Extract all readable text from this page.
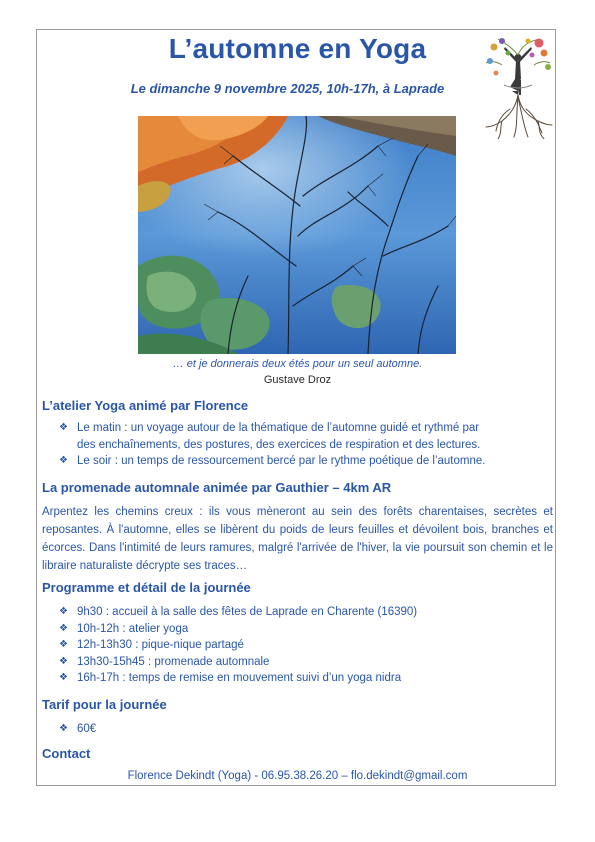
L’automne en Yoga
Le dimanche 9 novembre 2025, 10h-17h, à Laprade
… et je donnerais deux étés pour un seul automne.
Gustave Droz
L’atelier Yoga animé par Florence
❖ Le matin : un voyage autour de la thématique de l’automne guidé et rythmé par
des enchaînements, des postures, des exercices de respiration et des lectures.
❖ Le soir : un temps de ressourcement bercé par le rythme poétique de l’automne.
La promenade automnale animée par Gauthier – 4km AR

Arpentez les chemins creux : ils vous mèneront au sein des forêts charentaises, secrètes et reposantes. À l'automne, elles se libèrent du poids de leurs feuilles et dévoilent bois, branches et écorces. Dans l'intimité de leurs ramures, malgré l'arrivée de l'hiver, la vie poursuit son chemin et le libraire naturaliste décrypte ses traces…

Programme et détail de la journée
❖ 9h30 : accueil à la salle des fêtes de Laprade en Charente (16390)
❖ 10h-12h : atelier yoga
❖ 12h-13h30 : pique-nique partagé
❖ 13h30-15h45 : promenade automnale
❖ 16h-17h : temps de remise en mouvement suivi d’un yoga nidra
Tarif pour la journée
❖ 60€
Contact
Florence Dekindt (Yoga) - 06.95.38.26.20 – flo.dekindt@gmail.com
